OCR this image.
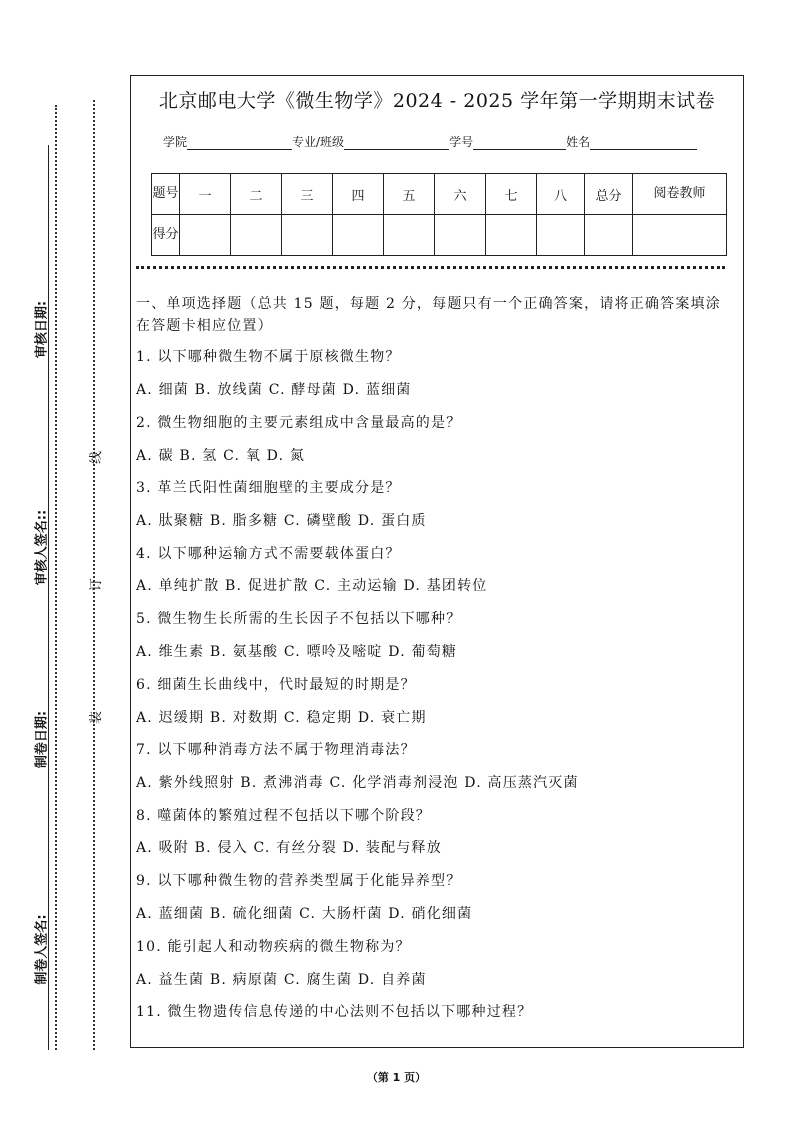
审核日期:
审核人签名::
制卷日期:
制卷人签名:
线
订
装
北京邮电大学《微生物学》2024 - 2025 学年第一学期期末试卷
学院	专业/班级	学号	姓名
题号	一	二	三	四	五	六	七	八	总分	阅卷教师
得分										

一、单项选择题（总共 15 题，每题 2 分，每题只有一个正确答案，请将正确答案填涂在答题卡相应位置）

1. 以下哪种微生物不属于原核微生物？

A. 细菌 B. 放线菌 C. 酵母菌 D. 蓝细菌

2. 微生物细胞的主要元素组成中含量最高的是？

A. 碳 B. 氢 C. 氧 D. 氮

3. 革兰氏阳性菌细胞壁的主要成分是？

A. 肽聚糖 B. 脂多糖 C. 磷壁酸 D. 蛋白质

4. 以下哪种运输方式不需要载体蛋白？

A. 单纯扩散 B. 促进扩散 C. 主动运输 D. 基团转位

5. 微生物生长所需的生长因子不包括以下哪种？

A. 维生素 B. 氨基酸 C. 嘌呤及嘧啶 D. 葡萄糖

6. 细菌生长曲线中，代时最短的时期是？

A. 迟缓期 B. 对数期 C. 稳定期 D. 衰亡期

7. 以下哪种消毒方法不属于物理消毒法？

A. 紫外线照射 B. 煮沸消毒 C. 化学消毒剂浸泡 D. 高压蒸汽灭菌

8. 噬菌体的繁殖过程不包括以下哪个阶段？

A. 吸附 B. 侵入 C. 有丝分裂 D. 装配与释放

9. 以下哪种微生物的营养类型属于化能异养型？

A. 蓝细菌 B. 硫化细菌 C. 大肠杆菌 D. 硝化细菌

10. 能引起人和动物疾病的微生物称为？

A. 益生菌 B. 病原菌 C. 腐生菌 D. 自养菌

11. 微生物遗传信息传递的中心法则不包括以下哪种过程？

（第 1 页）
